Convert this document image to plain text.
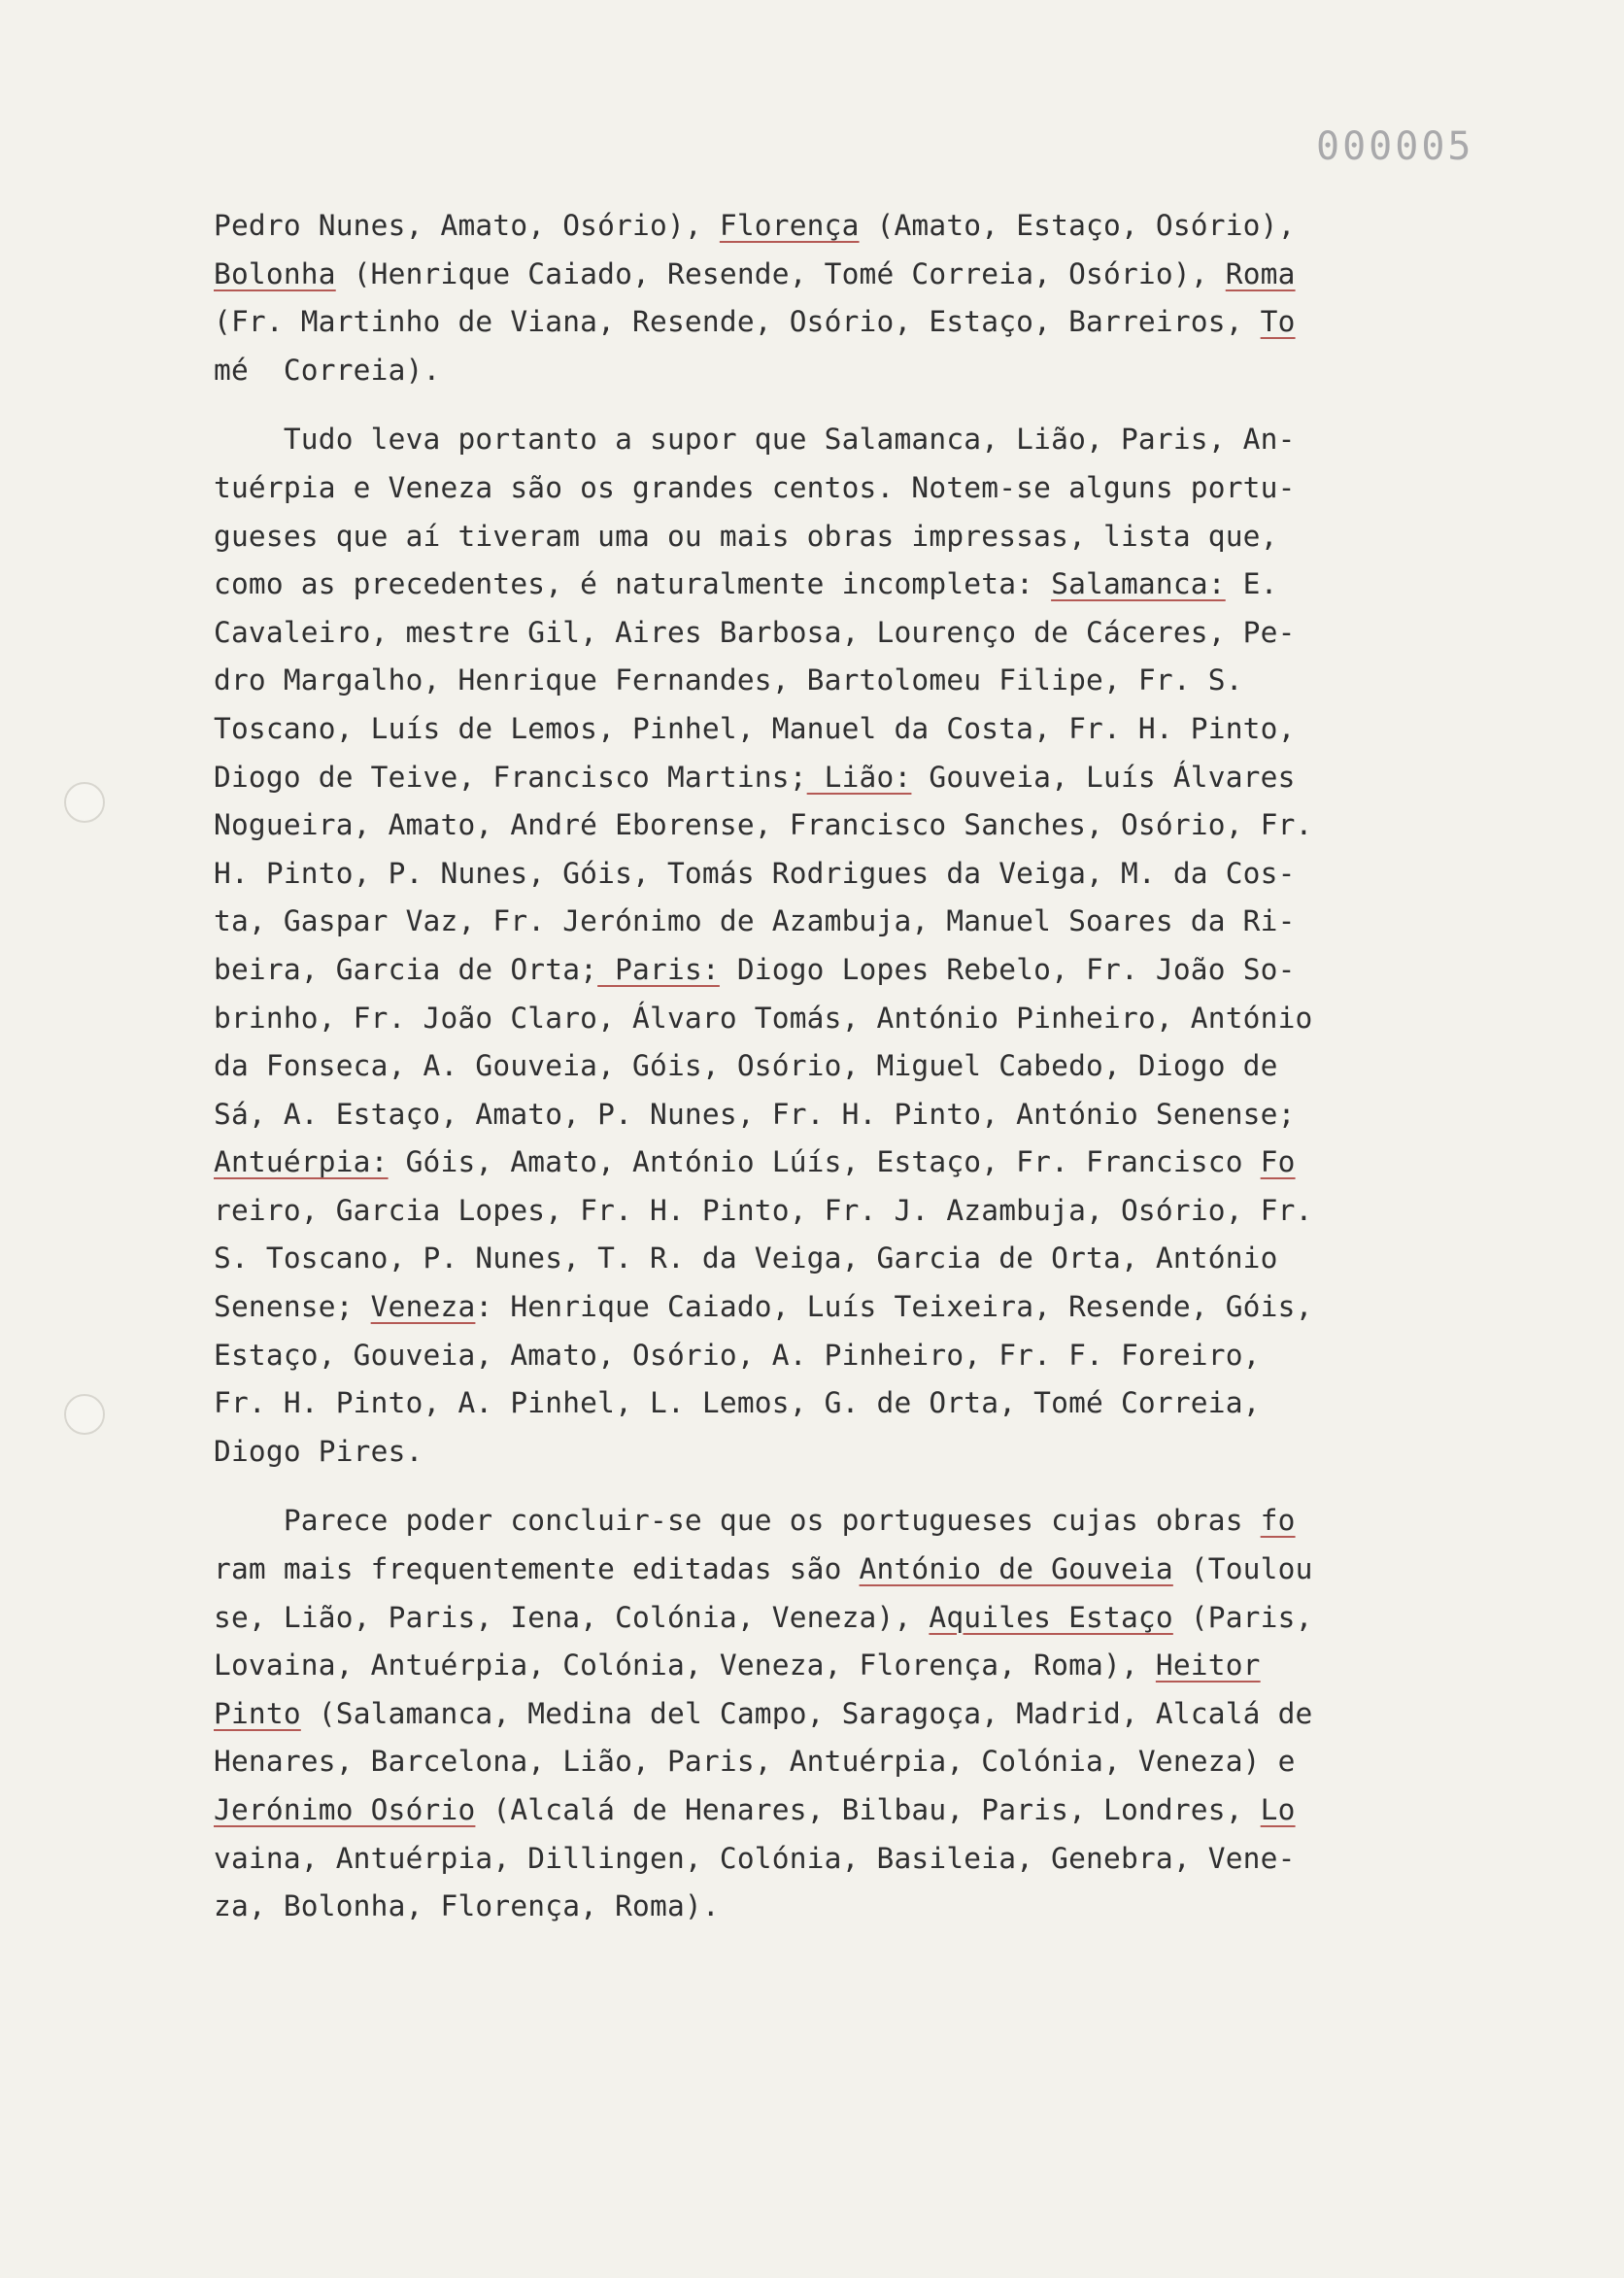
000005
Pedro Nunes, Amato, Osório), Florença (Amato, Estaço, Osório),
Bolonha (Henrique Caiado, Resende, Tomé Correia, Osório), Roma
(Fr. Martinho de Viana, Resende, Osório, Estaço, Barreiros, To
mé  Correia).
Tudo leva portanto a supor que Salamanca, Lião, Paris, An-
tuérpia e Veneza são os grandes centos. Notem-se alguns portu-
gueses que aí tiveram uma ou mais obras impressas, lista que,
como as precedentes, é naturalmente incompleta: Salamanca: E.
Cavaleiro, mestre Gil, Aires Barbosa, Lourenço de Cáceres, Pe-
dro Margalho, Henrique Fernandes, Bartolomeu Filipe, Fr. S.
Toscano, Luís de Lemos, Pinhel, Manuel da Costa, Fr. H. Pinto,
Diogo de Teive, Francisco Martins; Lião: Gouveia, Luís Álvares
Nogueira, Amato, André Eborense, Francisco Sanches, Osório, Fr.
H. Pinto, P. Nunes, Góis, Tomás Rodrigues da Veiga, M. da Cos-
ta, Gaspar Vaz, Fr. Jerónimo de Azambuja, Manuel Soares da Ri-
beira, Garcia de Orta; Paris: Diogo Lopes Rebelo, Fr. João So-
brinho, Fr. João Claro, Álvaro Tomás, António Pinheiro, António
da Fonseca, A. Gouveia, Góis, Osório, Miguel Cabedo, Diogo de
Sá, A. Estaço, Amato, P. Nunes, Fr. H. Pinto, António Senense;
Antuérpia: Góis, Amato, António Lúís, Estaço, Fr. Francisco Fo
reiro, Garcia Lopes, Fr. H. Pinto, Fr. J. Azambuja, Osório, Fr.
S. Toscano, P. Nunes, T. R. da Veiga, Garcia de Orta, António
Senense; Veneza: Henrique Caiado, Luís Teixeira, Resende, Góis,
Estaço, Gouveia, Amato, Osório, A. Pinheiro, Fr. F. Foreiro,
Fr. H. Pinto, A. Pinhel, L. Lemos, G. de Orta, Tomé Correia,
Diogo Pires.
Parece poder concluir-se que os portugueses cujas obras fo
ram mais frequentemente editadas são António de Gouveia (Toulou
se, Lião, Paris, Iena, Colónia, Veneza), Aquiles Estaço (Paris,
Lovaina, Antuérpia, Colónia, Veneza, Florença, Roma), Heitor
Pinto (Salamanca, Medina del Campo, Saragoça, Madrid, Alcalá de
Henares, Barcelona, Lião, Paris, Antuérpia, Colónia, Veneza) e
Jerónimo Osório (Alcalá de Henares, Bilbau, Paris, Londres, Lo
vaina, Antuérpia, Dillingen, Colónia, Basileia, Genebra, Vene-
za, Bolonha, Florença, Roma).
